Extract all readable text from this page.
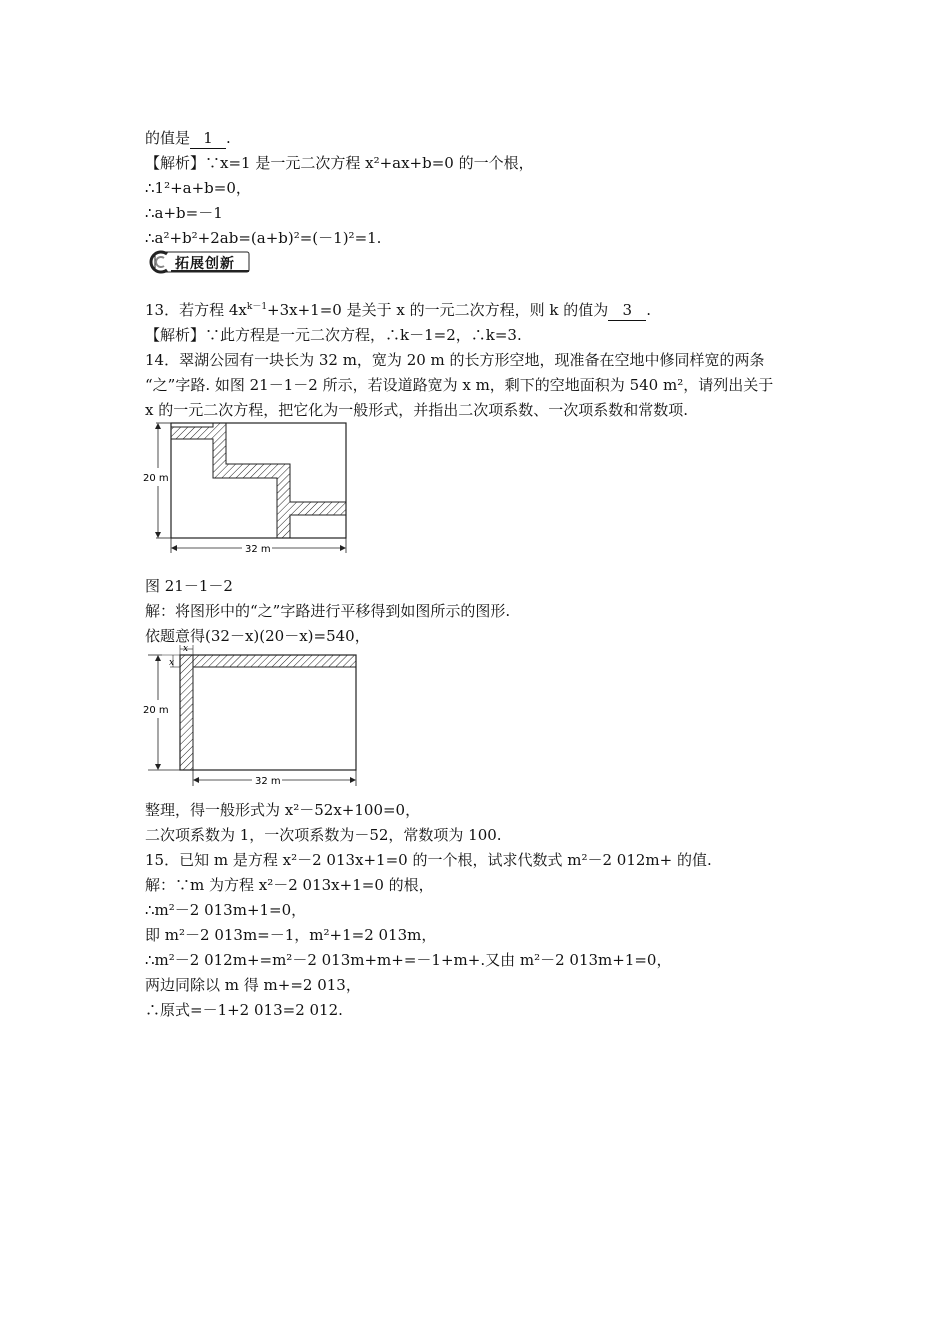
的值是 1 .
【解析】∵x=1 是一元二次方程 x²+ax+b=0 的一个根，
∴1²+a+b=0，
∴a+b=－1
∴a²+b²+2ab=(a+b)²=(－1)²=1.
拓展创新
13．若方程 $4x^{k-1}+3x+1=0$ 是关于 x 的一元二次方程，则 k 的值为 3 .
【解析】∵此方程是一元二次方程，∴k－1=2，∴k=3.
14．翠湖公园有一块长为 32 m，宽为 20 m 的长方形空地，现准备在空地中修同样宽的两条
“之”字路. 如图 21－1－2 所示，若设道路宽为 x m，剩下的空地面积为 540 m²，请列出关于
x 的一元二次方程，把它化为一般形式，并指出二次项系数、一次项系数和常数项.
20 m
32 m
图 21－1－2
解：将图形中的“之”字路进行平移得到如图所示的图形.
依题意得(32－x)(20－x)=540，
x
x
20 m
32 m
整理，得一般形式为 x²－52x+100=0，
二次项系数为 1，一次项系数为－52，常数项为 100.
15．已知 m 是方程 x²－2 013x+1=0 的一个根，试求代数式 m²－2 012m+ 的值.
解：∵m 为方程 x²－2 013x+1=0 的根，
∴m²－2 013m+1=0，
即 m²－2 013m=－1，m²+1=2 013m，
∴m²－2 012m+=m²－2 013m+m+=－1+m+.又由 m²－2 013m+1=0，
两边同除以 m 得 m+=2 013，
∴原式=－1+2 013=2 012.
